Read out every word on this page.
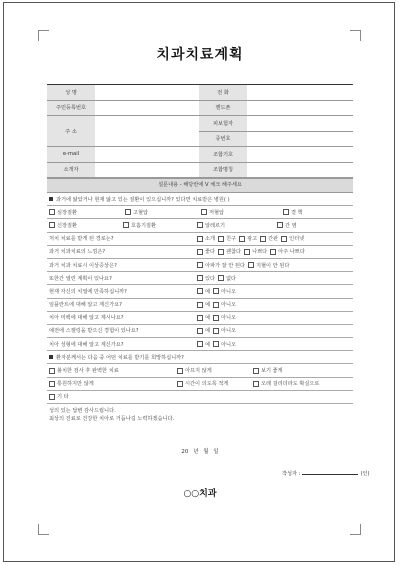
치과치료계획
성 명		전 화	
주민등록번호		핸드폰	
주 소		피보험자	
		증번호	
e-mail		조합기호	
소개자		조합명칭	
설문내용 - 해당란에 V 체크 해주세요
과거에 앓았거나 현재 앓고 있는 질환이 있으십니까? 있다면 치료받은 병원( )
심장질환	고혈압	저혈압	결 핵
신장질환	호흡기질환	알레르기	간 염
처치 치료를 받게 된 경로는?	소개 친구 광고 간판 인터넷
과거 치과치료의 느낌은?	좋다 괜찮다 나쁘다 아주 나쁘다
과거 치과 치료시 이상증상은?	아파가 잘 안 된다 지혈이 안 된다
또한간 열린 계획이 있나요?	있다 없다
현재 자신의 치열에 만족하십니까?	예 아니오
임플란트에 대해 알고 계신가요?	예 아니오
치아 미백에 대해 알고 계시나요?	예 아니오
예전에 스켈링을 받으신 경험이 있나요?	예 아니오
치아 성형에 대해 알고 계신가요?	예 아니오
환자분께서는 다음 중 어떤 치료를 받기를 희망하십니까?
불치한 검사 후 완벽한 치료	아프지 않게	보기 좋게
통원하지만 않게	시간이 의도록 적게	오래 걸리더라도 확실으로
기 타
성의 있는 답변 감사드립니다.
최상의 진료로 건강한 치아로 거듭나길 노력하겠습니다.
20 년 월 일
작성자 :	(인)
○○치과
